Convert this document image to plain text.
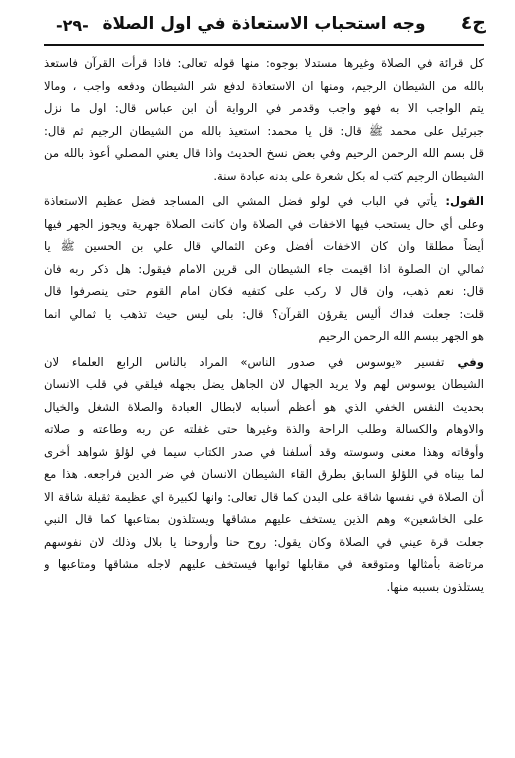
-٢٩- وجه استحباب الاستعاذة في اول الصلاة	ج٤
كل قرائة في الصلاة وغيرها مستدلا بوجوه: منها قوله تعالى: فاذا قرأت القرآن فاستعذ
بالله من الشيطان الرجيم، ومنها ان الاستعاذة لدفع شر الشيطان ودفعه واجب ، ومالا
يتم الواجب الا به فهو واجب وقدمر في الرواية أن ابن عباس قال: اول ما نزل
جبرئيل على محمد ﷺ قال: قل يا محمد: استعيذ بالله من الشيطان الرجيم ثم قال:
قل بسم الله الرحمن الرحيم وفي بعض نسخ الحديث واذا قال يعني المصلي أعوذ بالله من
الشيطان الرجيم كتب له بكل شعرة على بدنه عبادة سنة.
القول: يأتي في الباب في لولو فضل المشي الى المساجد فضل عظيم الاستعاذة
وعلى أي حال يستحب فيها الاخفات في الصلاة وان كانت الصلاة جهرية ويجوز الجهر فيها
أيضاً مطلقا وان كان الاخفات أفضل وعن الثمالي قال علي بن الحسين ﷺ يا
ثمالي ان الصلوة اذا اقيمت جاء الشيطان الى قرين الامام فيقول: هل ذكر ربه فان
قال: نعم ذهب، وان قال لا ركب على كتفيه فكان امام القوم حتى ينصرفوا قال
قلت: جعلت فداك أليس يقرؤن القرآن؟ قال: بلى ليس حيث تذهب يا ثمالي انما
هو الجهر ببسم الله الرحمن الرحيم
وفي تفسير «يوسوس في صدور الناس» المراد بالناس الرابع العلماء لان
الشيطان يوسوس لهم ولا يريد الجهال لان الجاهل يضل بجهله فيلقي في قلب الانسان
بحديث النفس الخفي الذي هو أعظم أسبابه لابطال العبادة والصلاة الشغل والخيال
والاوهام والكسالة وطلب الراحة والذة وغيرها حتى غفلته عن ربه وطاعته و صلاته
وأوقاته وهذا معنى وسوسته وقد أسلفنا في صدر الكتاب سيما في لؤلؤ شواهد أخرى
لما بيناه في اللؤلؤ السابق بطرق القاء الشيطان الانسان في ضر الدين فراجعه. هذا مع
أن الصلاة في نفسها شاقة على البدن كما قال تعالى: وانها لكبيرة اي عظيمة ثقيلة شاقة الا
على الخاشعين» وهم الذين يستخف عليهم مشاقها ويستلذون بمتاعبها كما قال النبي
جعلت قرة عيني في الصلاة وكان يقول: روح حنا وأروحنا يا بلال وذلك لان نفوسهم
مرتاضة بأمثالها ومتوقعة في مقابلها ثوابها فيستخف عليهم لاجله مشاقها ومتاعبها و
يستلذون بسببه منها.
